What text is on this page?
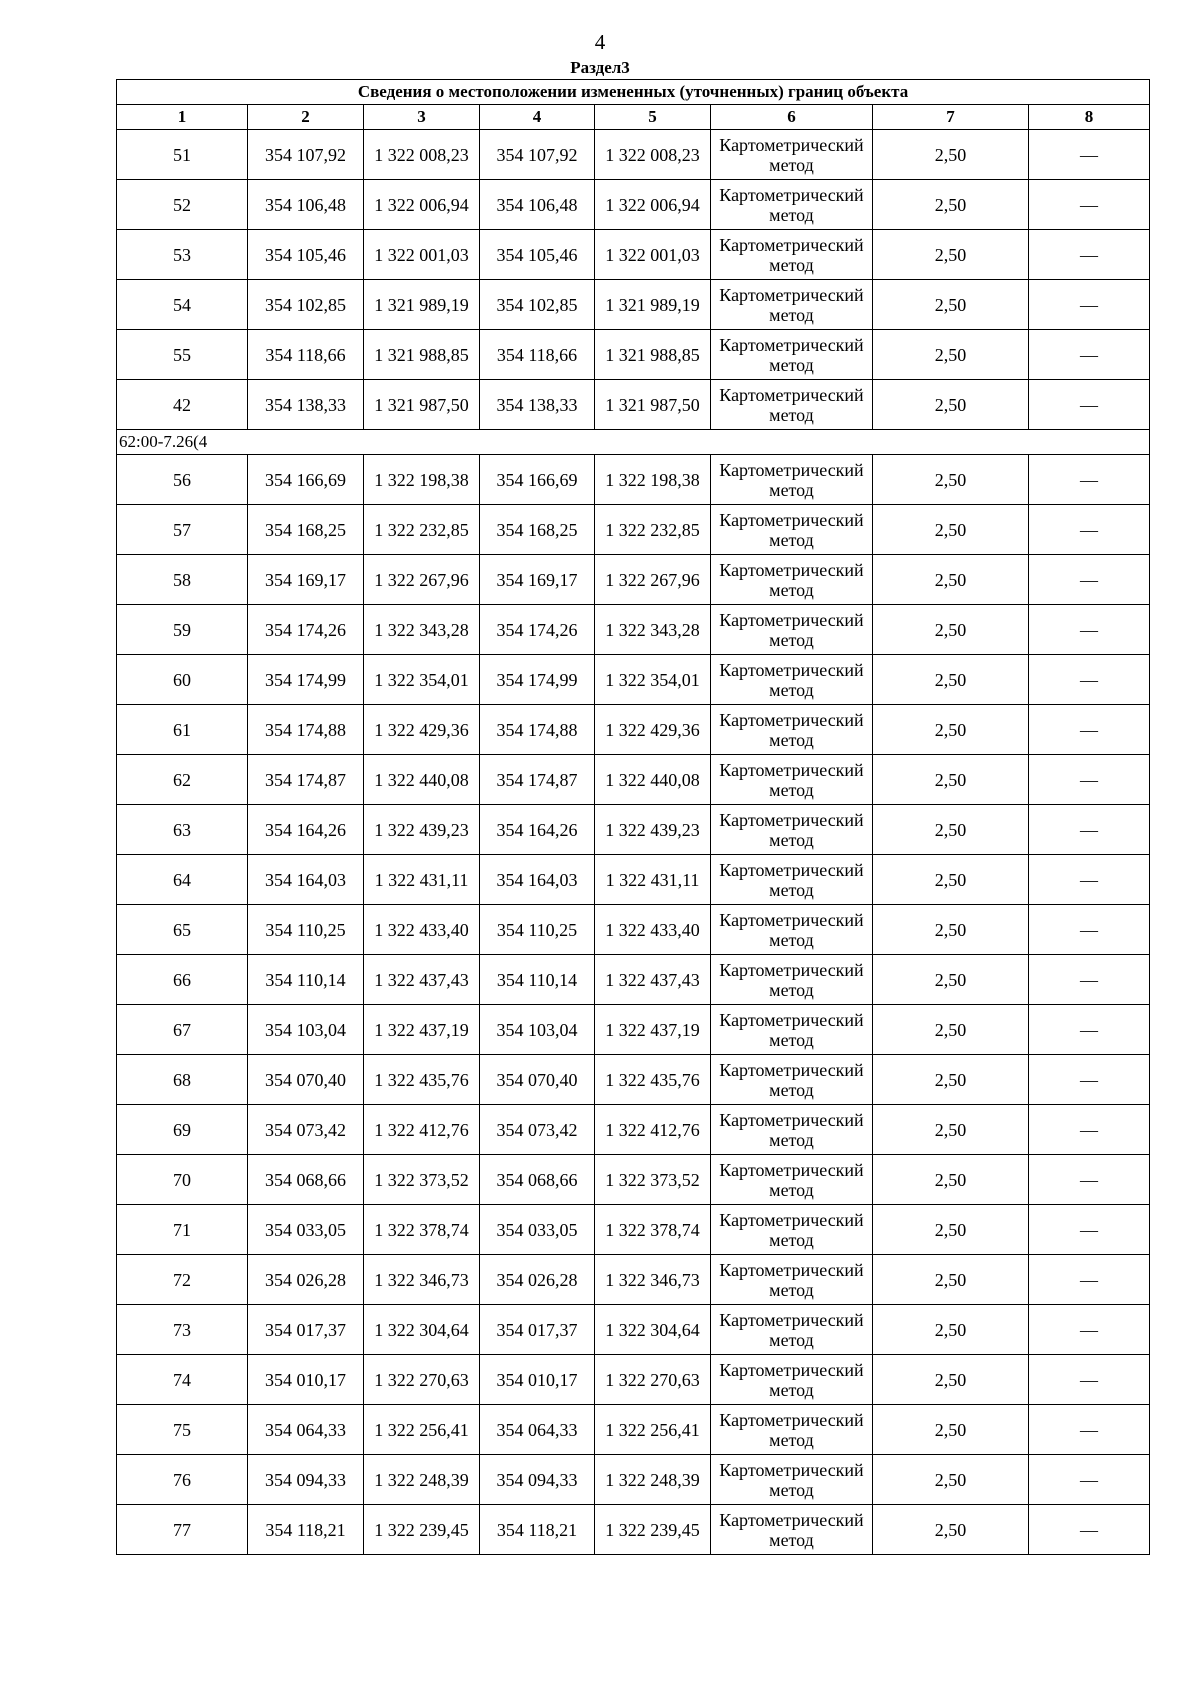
4
Раздел3
Сведения о местоположении измененных (уточненных) границ объекта							
1	2	3	4	5	6	7	8
51	354 107,92	1 322 008,23	354 107,92	1 322 008,23	Картометрический метод	2,50	—
52	354 106,48	1 322 006,94	354 106,48	1 322 006,94	Картометрический метод	2,50	—
53	354 105,46	1 322 001,03	354 105,46	1 322 001,03	Картометрический метод	2,50	—
54	354 102,85	1 321 989,19	354 102,85	1 321 989,19	Картометрический метод	2,50	—
55	354 118,66	1 321 988,85	354 118,66	1 321 988,85	Картометрический метод	2,50	—
42	354 138,33	1 321 987,50	354 138,33	1 321 987,50	Картометрический метод	2,50	—
62:00-7.26(4							
56	354 166,69	1 322 198,38	354 166,69	1 322 198,38	Картометрический метод	2,50	—
57	354 168,25	1 322 232,85	354 168,25	1 322 232,85	Картометрический метод	2,50	—
58	354 169,17	1 322 267,96	354 169,17	1 322 267,96	Картометрический метод	2,50	—
59	354 174,26	1 322 343,28	354 174,26	1 322 343,28	Картометрический метод	2,50	—
60	354 174,99	1 322 354,01	354 174,99	1 322 354,01	Картометрический метод	2,50	—
61	354 174,88	1 322 429,36	354 174,88	1 322 429,36	Картометрический метод	2,50	—
62	354 174,87	1 322 440,08	354 174,87	1 322 440,08	Картометрический метод	2,50	—
63	354 164,26	1 322 439,23	354 164,26	1 322 439,23	Картометрический метод	2,50	—
64	354 164,03	1 322 431,11	354 164,03	1 322 431,11	Картометрический метод	2,50	—
65	354 110,25	1 322 433,40	354 110,25	1 322 433,40	Картометрический метод	2,50	—
66	354 110,14	1 322 437,43	354 110,14	1 322 437,43	Картометрический метод	2,50	—
67	354 103,04	1 322 437,19	354 103,04	1 322 437,19	Картометрический метод	2,50	—
68	354 070,40	1 322 435,76	354 070,40	1 322 435,76	Картометрический метод	2,50	—
69	354 073,42	1 322 412,76	354 073,42	1 322 412,76	Картометрический метод	2,50	—
70	354 068,66	1 322 373,52	354 068,66	1 322 373,52	Картометрический метод	2,50	—
71	354 033,05	1 322 378,74	354 033,05	1 322 378,74	Картометрический метод	2,50	—
72	354 026,28	1 322 346,73	354 026,28	1 322 346,73	Картометрический метод	2,50	—
73	354 017,37	1 322 304,64	354 017,37	1 322 304,64	Картометрический метод	2,50	—
74	354 010,17	1 322 270,63	354 010,17	1 322 270,63	Картометрический метод	2,50	—
75	354 064,33	1 322 256,41	354 064,33	1 322 256,41	Картометрический метод	2,50	—
76	354 094,33	1 322 248,39	354 094,33	1 322 248,39	Картометрический метод	2,50	—
77	354 118,21	1 322 239,45	354 118,21	1 322 239,45	Картометрический метод	2,50	—
